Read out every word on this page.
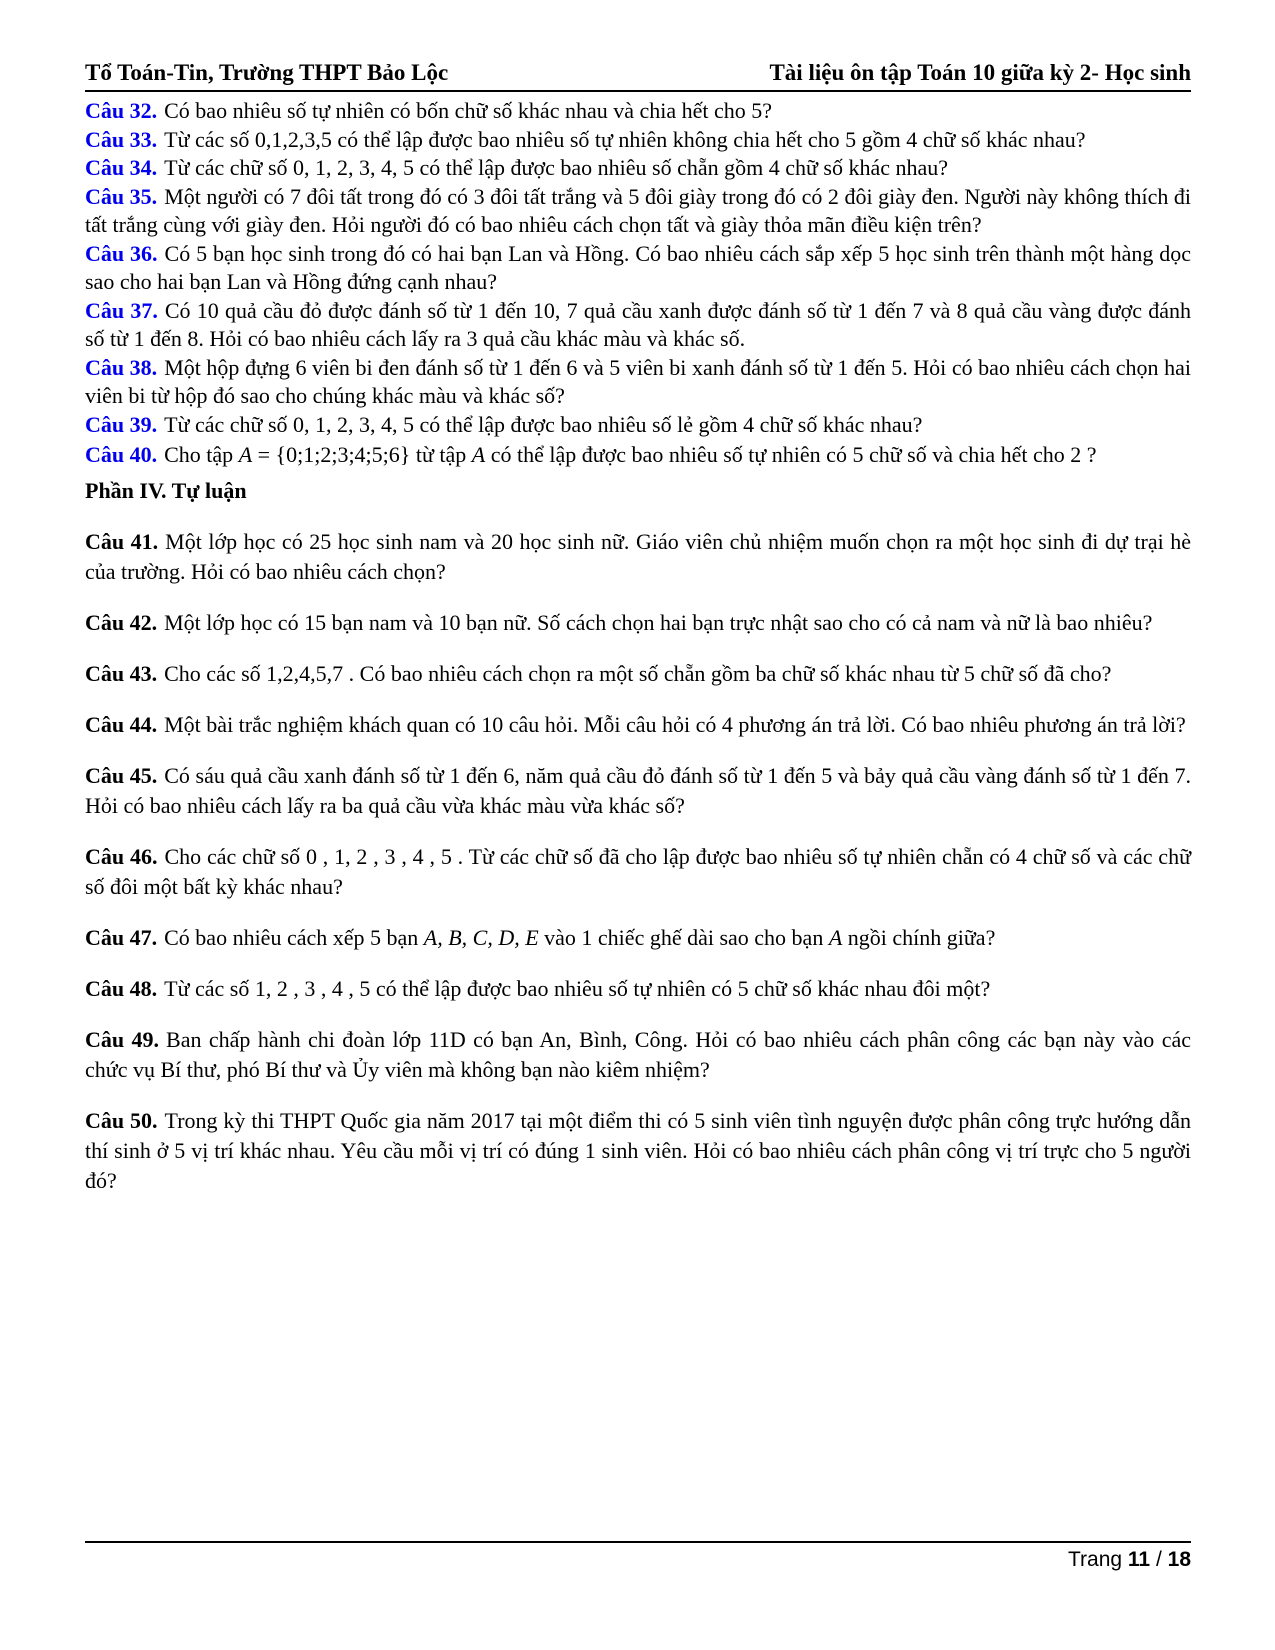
Tổ Toán-Tin, Trường THPT Bảo Lộc	Tài liệu ôn tập Toán 10 giữa kỳ 2- Học sinh

Câu 32. Có bao nhiêu số tự nhiên có bốn chữ số khác nhau và chia hết cho 5?

Câu 33. Từ các số 0,1,2,3,5 có thể lập được bao nhiêu số tự nhiên không chia hết cho 5 gồm 4 chữ số khác nhau?

Câu 34. Từ các chữ số 0, 1, 2, 3, 4, 5 có thể lập được bao nhiêu số chẵn gồm 4 chữ số khác nhau?

Câu 35. Một người có 7 đôi tất trong đó có 3 đôi tất trắng và 5 đôi giày trong đó có 2 đôi giày đen. Người này không thích đi tất trắng cùng với giày đen. Hỏi người đó có bao nhiêu cách chọn tất và giày thỏa mãn điều kiện trên?

Câu 36. Có 5 bạn học sinh trong đó có hai bạn Lan và Hồng. Có bao nhiêu cách sắp xếp 5 học sinh trên thành một hàng dọc sao cho hai bạn Lan và Hồng đứng cạnh nhau?

Câu 37. Có 10 quả cầu đỏ được đánh số từ 1 đến 10, 7 quả cầu xanh được đánh số từ 1 đến 7 và 8 quả cầu vàng được đánh số từ 1 đến 8. Hỏi có bao nhiêu cách lấy ra 3 quả cầu khác màu và khác số.

Câu 38. Một hộp đựng 6 viên bi đen đánh số từ 1 đến 6 và 5 viên bi xanh đánh số từ 1 đến 5. Hỏi có bao nhiêu cách chọn hai viên bi từ hộp đó sao cho chúng khác màu và khác số?

Câu 39. Từ các chữ số 0, 1, 2, 3, 4, 5 có thể lập được bao nhiêu số lẻ gồm 4 chữ số khác nhau?

Câu 40. Cho tập A = {0;1;2;3;4;5;6} từ tập A có thể lập được bao nhiêu số tự nhiên có 5 chữ số và chia hết cho 2 ?

Phần IV. Tự luận

Câu 41. Một lớp học có 25 học sinh nam và 20 học sinh nữ. Giáo viên chủ nhiệm muốn chọn ra một học sinh đi dự trại hè của trường. Hỏi có bao nhiêu cách chọn?

Câu 42. Một lớp học có 15 bạn nam và 10 bạn nữ. Số cách chọn hai bạn trực nhật sao cho có cả nam và nữ là bao nhiêu?

Câu 43. Cho các số 1,2,4,5,7 . Có bao nhiêu cách chọn ra một số chẵn gồm ba chữ số khác nhau từ 5 chữ số đã cho?

Câu 44. Một bài trắc nghiệm khách quan có 10 câu hỏi. Mỗi câu hỏi có 4 phương án trả lời. Có bao nhiêu phương án trả lời?

Câu 45. Có sáu quả cầu xanh đánh số từ 1 đến 6, năm quả cầu đỏ đánh số từ 1 đến 5 và bảy quả cầu vàng đánh số từ 1 đến 7. Hỏi có bao nhiêu cách lấy ra ba quả cầu vừa khác màu vừa khác số?

Câu 46. Cho các chữ số 0 , 1, 2 , 3 , 4 , 5 . Từ các chữ số đã cho lập được bao nhiêu số tự nhiên chẵn có 4 chữ số và các chữ số đôi một bất kỳ khác nhau?

Câu 47. Có bao nhiêu cách xếp 5 bạn A, B, C, D, E vào 1 chiếc ghế dài sao cho bạn A ngồi chính giữa?

Câu 48. Từ các số 1, 2 , 3 , 4 , 5 có thể lập được bao nhiêu số tự nhiên có 5 chữ số khác nhau đôi một?

Câu 49. Ban chấp hành chi đoàn lớp 11D có bạn An, Bình, Công. Hỏi có bao nhiêu cách phân công các bạn này vào các chức vụ Bí thư, phó Bí thư và Ủy viên mà không bạn nào kiêm nhiệm?

Câu 50. Trong kỳ thi THPT Quốc gia năm 2017 tại một điểm thi có 5 sinh viên tình nguyện được phân công trực hướng dẫn thí sinh ở 5 vị trí khác nhau. Yêu cầu mỗi vị trí có đúng 1 sinh viên. Hỏi có bao nhiêu cách phân công vị trí trực cho 5 người đó?

Trang 11 / 18
